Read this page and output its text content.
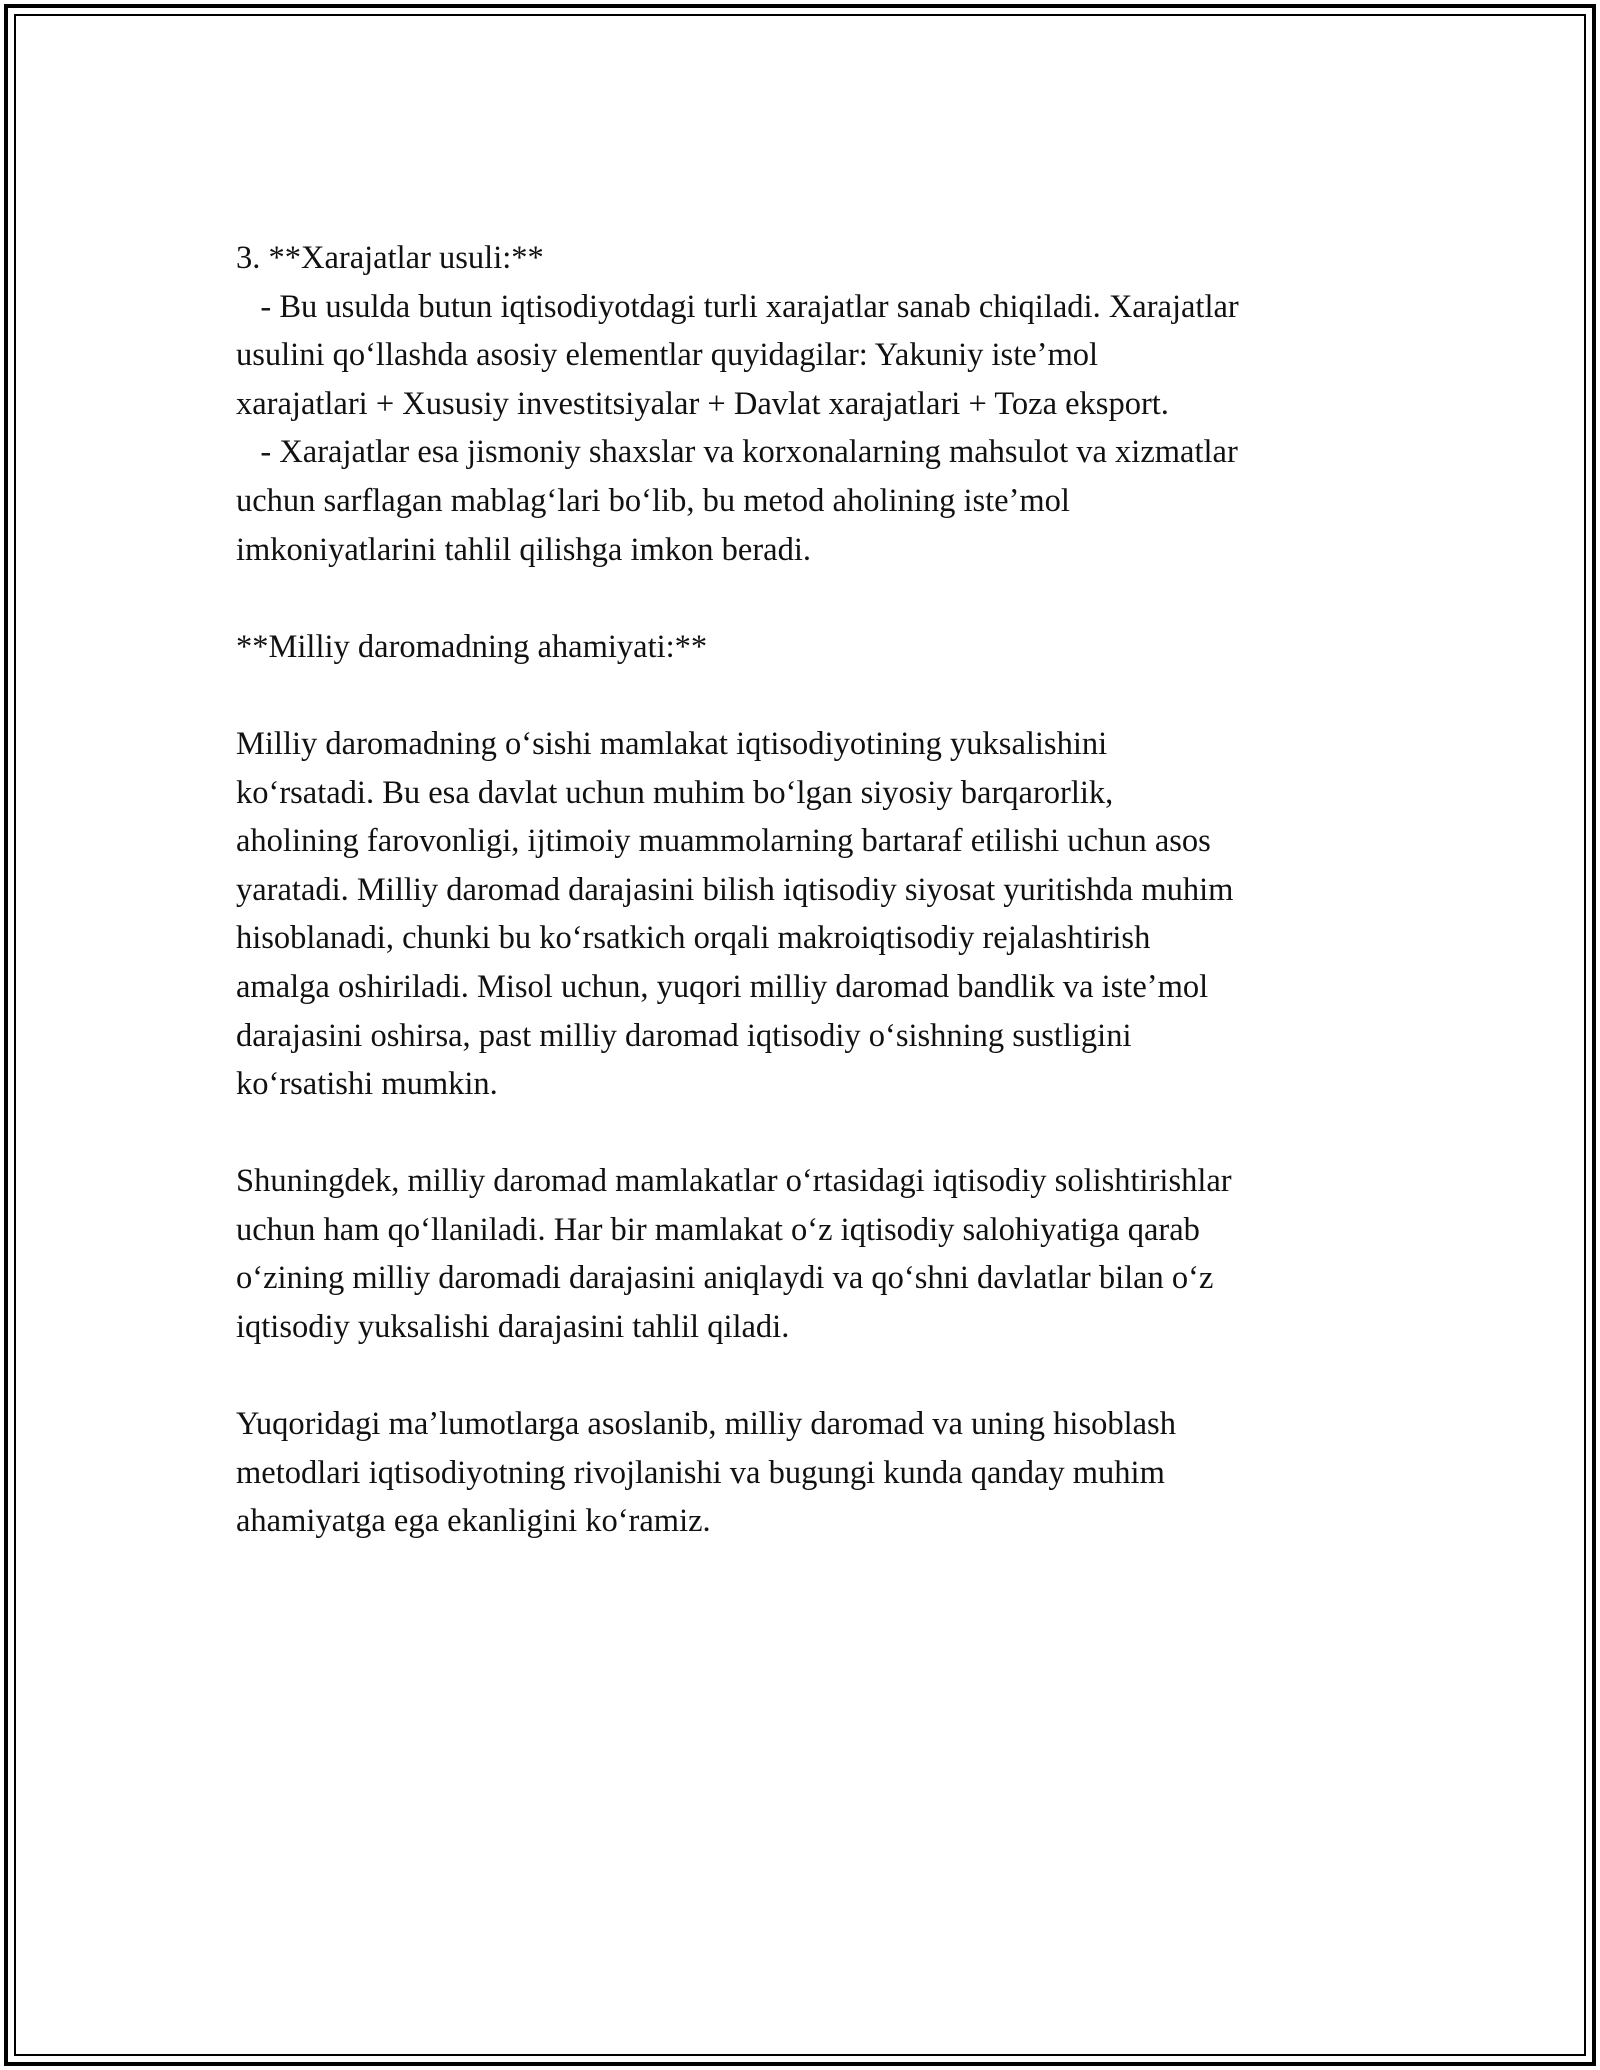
3. **Xarajatlar usuli:**

- Bu usulda butun iqtisodiyotdagi turli xarajatlar sanab chiqiladi. Xarajatlar
usulini qoʻllashda asosiy elementlar quyidagilar: Yakuniy isteʼmol
xarajatlari + Xususiy investitsiyalar + Davlat xarajatlari + Toza eksport.

- Xarajatlar esa jismoniy shaxslar va korxonalarning mahsulot va xizmatlar
uchun sarflagan mablagʻlari boʻlib, bu metod aholining isteʼmol
imkoniyatlarini tahlil qilishga imkon beradi.

**Milliy daromadning ahamiyati:**

Milliy daromadning oʻsishi mamlakat iqtisodiyotining yuksalishini
koʻrsatadi. Bu esa davlat uchun muhim boʻlgan siyosiy barqarorlik,
aholining farovonligi, ijtimoiy muammolarning bartaraf etilishi uchun asos
yaratadi. Milliy daromad darajasini bilish iqtisodiy siyosat yuritishda muhim
hisoblanadi, chunki bu koʻrsatkich orqali makroiqtisodiy rejalashtirish
amalga oshiriladi. Misol uchun, yuqori milliy daromad bandlik va isteʼmol
darajasini oshirsa, past milliy daromad iqtisodiy oʻsishning sustligini
koʻrsatishi mumkin.

Shuningdek, milliy daromad mamlakatlar oʻrtasidagi iqtisodiy solishtirishlar
uchun ham qoʻllaniladi. Har bir mamlakat oʻz iqtisodiy salohiyatiga qarab
oʻzining milliy daromadi darajasini aniqlaydi va qoʻshni davlatlar bilan oʻz
iqtisodiy yuksalishi darajasini tahlil qiladi.

Yuqoridagi maʼlumotlarga asoslanib, milliy daromad va uning hisoblash
metodlari iqtisodiyotning rivojlanishi va bugungi kunda qanday muhim
ahamiyatga ega ekanligini koʻramiz.
